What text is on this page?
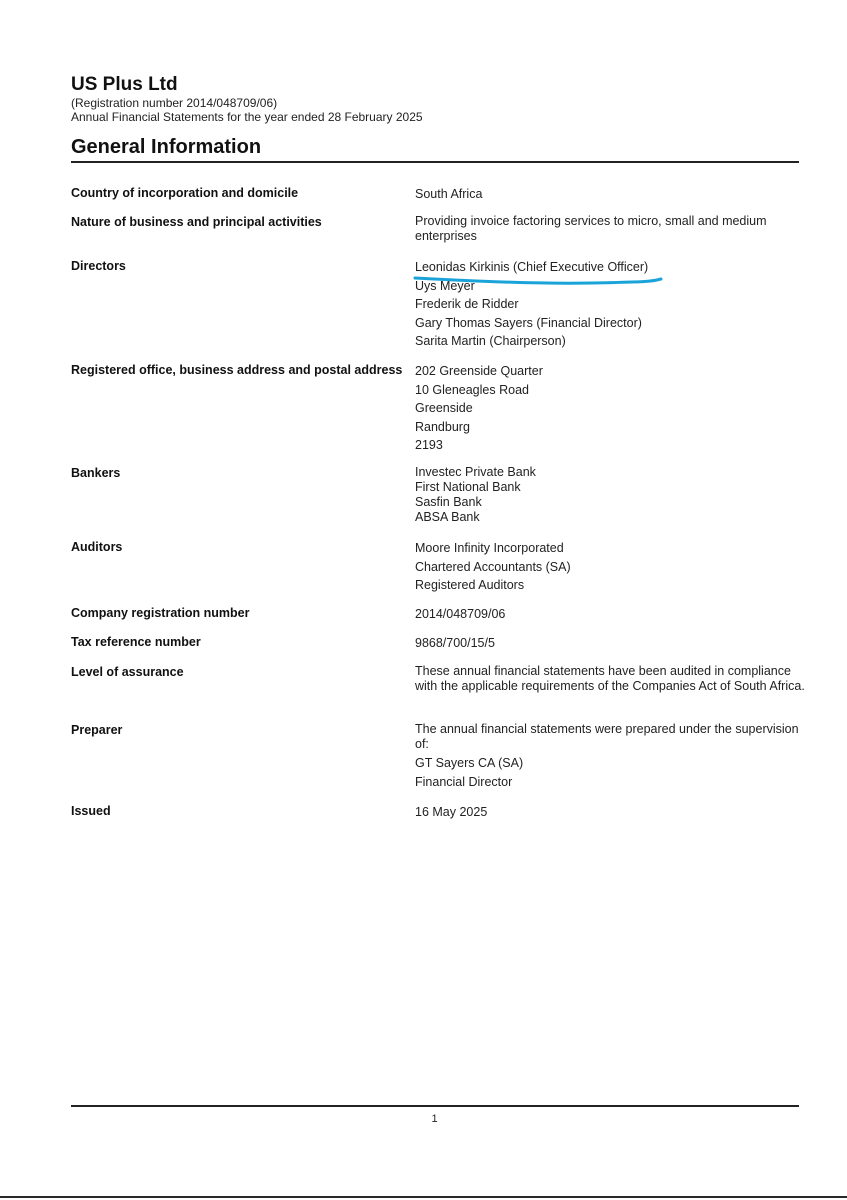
US Plus Ltd
(Registration number 2014/048709/06)
Annual Financial Statements for the year ended 28 February 2025
General Information
Country of incorporation and domicile	South Africa
Nature of business and principal activities	Providing invoice factoring services to micro, small and medium enterprises
Directors	Leonidas Kirkinis (Chief Executive Officer)
Uys Meyer
Frederik de Ridder
Gary Thomas Sayers (Financial Director)
Sarita Martin (Chairperson)
Registered office, business address and postal address	202 Greenside Quarter
10 Gleneagles Road
Greenside
Randburg
2193
Bankers	Investec Private Bank
First National Bank
Sasfin Bank
ABSA Bank
Auditors	Moore Infinity Incorporated
Chartered Accountants (SA)
Registered Auditors
Company registration number	2014/048709/06
Tax reference number	9868/700/15/5
Level of assurance	These annual financial statements have been audited in compliance with the applicable requirements of the Companies Act of South Africa.
Preparer	The annual financial statements were prepared under the supervision of:
GT Sayers CA (SA)
Financial Director
Issued	16 May 2025
1
